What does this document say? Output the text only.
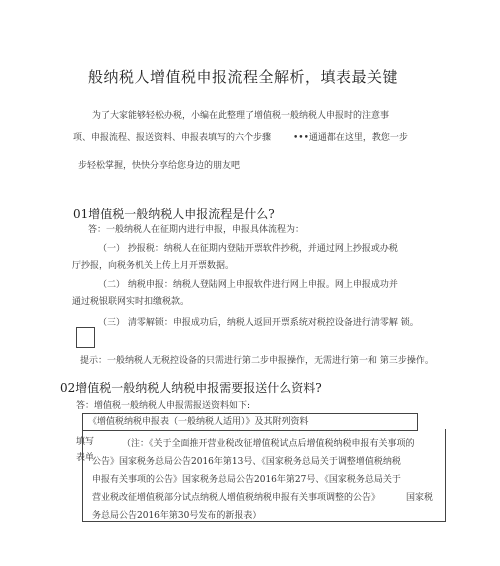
般纳税人增值税申报流程全解析，填表最关键
为了大家能够轻松办税，小编在此整理了增值税一般纳税人申报时的注意事
项、申报流程、报送资料、申报表填写的六个步骤 •••通通都在这里，教您一步
步轻松掌握，快快分享给您身边的朋友吧
01增值税一般纳税人申报流程是什么?
答：一般纳税人在征期内进行申报，申报具体流程为：
（一） 抄报税：纳税人在征期内登陆开票软件抄税，并通过网上抄报或办税
厅抄报，向税务机关上传上月开票数据。
（二） 纳税申报：纳税人登陆网上申报软件进行网上申报。网上申报成功并
通过税银联网实时扣缴税款。
（三） 清零解锁：申报成功后，纳税人返回开票系统对税控设备进行清零解 锁。
提示：一般纳税人无税控设备的只需进行第二步申报操作，无需进行第一和 第三步操作。
02增值税一般纳税人纳税申报需要报送什么资料?
答：增值税一般纳税人申报需报送资料如下:
《增值税纳税申报表（一般纳税人适用）》及其附列资料
填写
表单
（注：《关于全面推开营业税改征增值税试点后增值税纳税申报有关事项的
公告》国家税务总局公告2016年第13号、《国家税务总局关于调整增值税纳税
申报有关事项的公告》国家税务总局公告2016年第27号、《国家税务总局关于
营业税改征增值税部分试点纳税人增值税纳税申报有关事项调整的公告》	国家税
务总局公告2016年第30号发布的新报表）
